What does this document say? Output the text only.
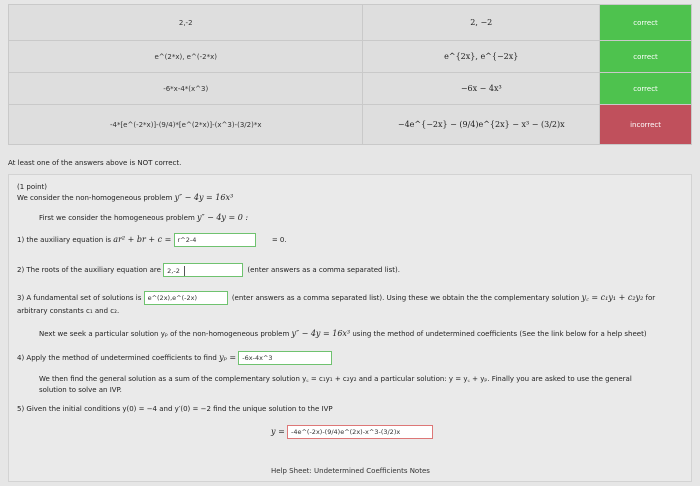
2,-2	2, −2	correct
e^(2*x), e^(-2*x)	e^{2x}, e^{−2x}	correct
-6*x-4*(x^3)	−6x − 4x³	correct
-4*[e^(-2*x)]-(9/4)*[e^(2*x)]-(x^3)-(3/2)*x	−4e^{−2x} − (9/4)e^{2x} − x³ − (3/2)x	incorrect
At least one of the answers above is NOT correct.
(1 point)
We consider the non-homogeneous problem y″ − 4y = 16x³
First we consider the homogeneous problem y″ − 4y = 0 :
1) the auxiliary equation is ar² + br + c = r^2-4	= 0.
2) The roots of the auxiliary equation are 2,-2	(enter answers as a comma separated list).
3) A fundamental set of solutions is e^(2x),e^(-2x)	(enter answers as a comma separated list). Using these we obtain the the complementary solution y꜀ = c₁y₁ + c₂y₂ for
arbitrary constants c₁ and c₂.
Next we seek a particular solution yₚ of the non-homogeneous problem y″ − 4y = 16x³ using the method of undetermined coefficients (See the link below for a help sheet)
4) Apply the method of undetermined coefficients to find yₚ = -6x-4x^3
We then find the general solution as a sum of the complementary solution y꜀ = c₁y₁ + c₂y₂ and a particular solution: y = y꜀ + yₚ. Finally you are asked to use the general
solution to solve an IVP.
5) Given the initial conditions y(0) = −4 and y′(0) = −2 find the unique solution to the IVP
y = -4e^(-2x)-(9/4)e^(2x)-x^3-(3/2)x
Help Sheet: Undetermined Coefficients Notes
